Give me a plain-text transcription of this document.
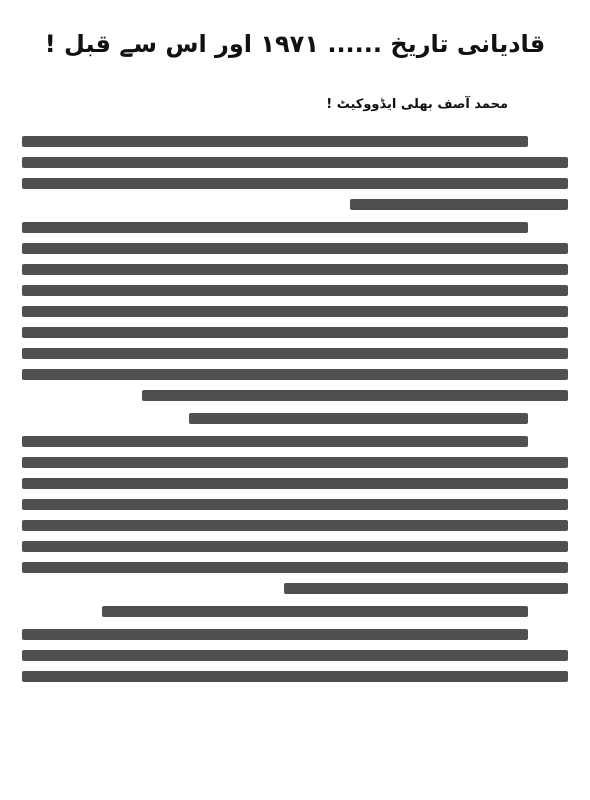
قادیانی تاریخ ...... ۱۹۷۱ اور اس سے قبل !
محمد آصف بھلی ایڈووکیٹ !
